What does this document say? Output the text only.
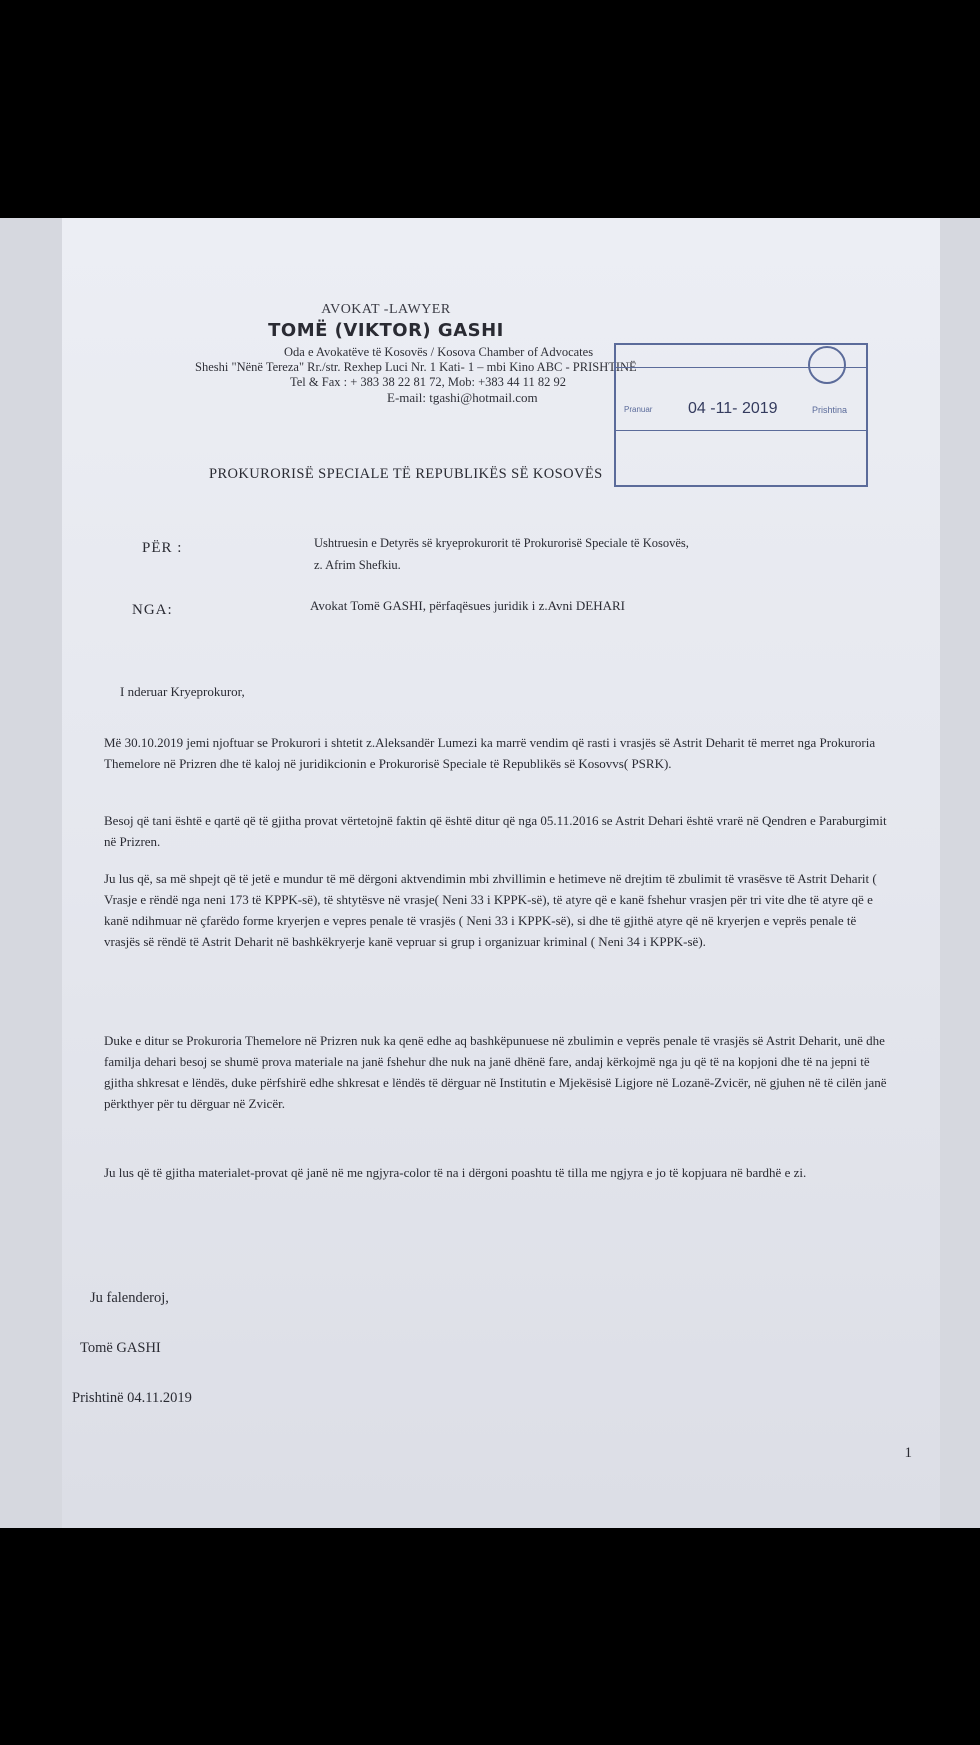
AVOKAT -LAWYER
TOMË (VIKTOR) GASHI
Oda e Avokatëve të Kosovës / Kosova Chamber of Advocates
Sheshi "Nënë Tereza" Rr./str. Rexhep Luci Nr. 1 Kati- 1 – mbi Kino ABC - PRISHTINË
Tel & Fax : + 383 38 22 81 72, Mob: +383 44 11 82 92
E-mail: tgashi@hotmail.com
Pranuar 04 -11- 2019	Prishtina
PROKURORISË SPECIALE TË REPUBLIKËS SË KOSOVËS
PËR :	Ushtruesin e Detyrës së kryeprokurorit të Prokurorisë Speciale të Kosovës,
z. Afrim Shefkiu.
NGA:	Avokat Tomë GASHI, përfaqësues juridik i z.Avni DEHARI
I nderuar Kryeprokuror,
Më 30.10.2019 jemi njoftuar se Prokurori i shtetit z.Aleksandër Lumezi ka marrë vendim që rasti i vrasjës së Astrit Deharit të merret nga Prokuroria Themelore në Prizren dhe të kaloj në juridikcionin e Prokurorisë Speciale të Republikës së Kosovvs( PSRK).
Besoj që tani është e qartë që të gjitha provat vërtetojnë faktin që është ditur që nga 05.11.2016 se Astrit Dehari është vrarë në Qendren e Paraburgimit në Prizren.
Ju lus që, sa më shpejt që të jetë e mundur të më dërgoni aktvendimin mbi zhvillimin e hetimeve në drejtim të zbulimit të vrasësve të Astrit Deharit ( Vrasje e rëndë nga neni 173 të KPPK-së), të shtytësve në vrasje( Neni 33 i KPPK-së), të atyre që e kanë fshehur vrasjen për tri vite dhe të atyre që e kanë ndihmuar në çfarëdo forme kryerjen e vepres penale të vrasjës ( Neni 33 i KPPK-së), si dhe të gjithë atyre që në kryerjen e veprës penale të vrasjës së rëndë të Astrit Deharit në bashkëkryerje kanë vepruar si grup i organizuar kriminal ( Neni 34 i KPPK-së).
Duke e ditur se Prokuroria Themelore në Prizren nuk ka qenë edhe aq bashkëpunuese në zbulimin e veprës penale të vrasjës së Astrit Deharit, unë dhe familja dehari besoj se shumë prova materiale na janë fshehur dhe nuk na janë dhënë fare, andaj kërkojmë nga ju që të na kopjoni dhe të na jepni të gjitha shkresat e lëndës, duke përfshirë edhe shkresat e lëndës të dërguar në Institutin e Mjekësisë Ligjore në Lozanë-Zvicër, në gjuhen në të cilën janë përkthyer për tu dërguar në Zvicër.
Ju lus që të gjitha materialet-provat që janë në me ngjyra-color të na i dërgoni poashtu të tilla me ngjyra e jo të kopjuara në bardhë e zi.
Ju falenderoj,
Tomë GASHI
Prishtinë 04.11.2019
1
